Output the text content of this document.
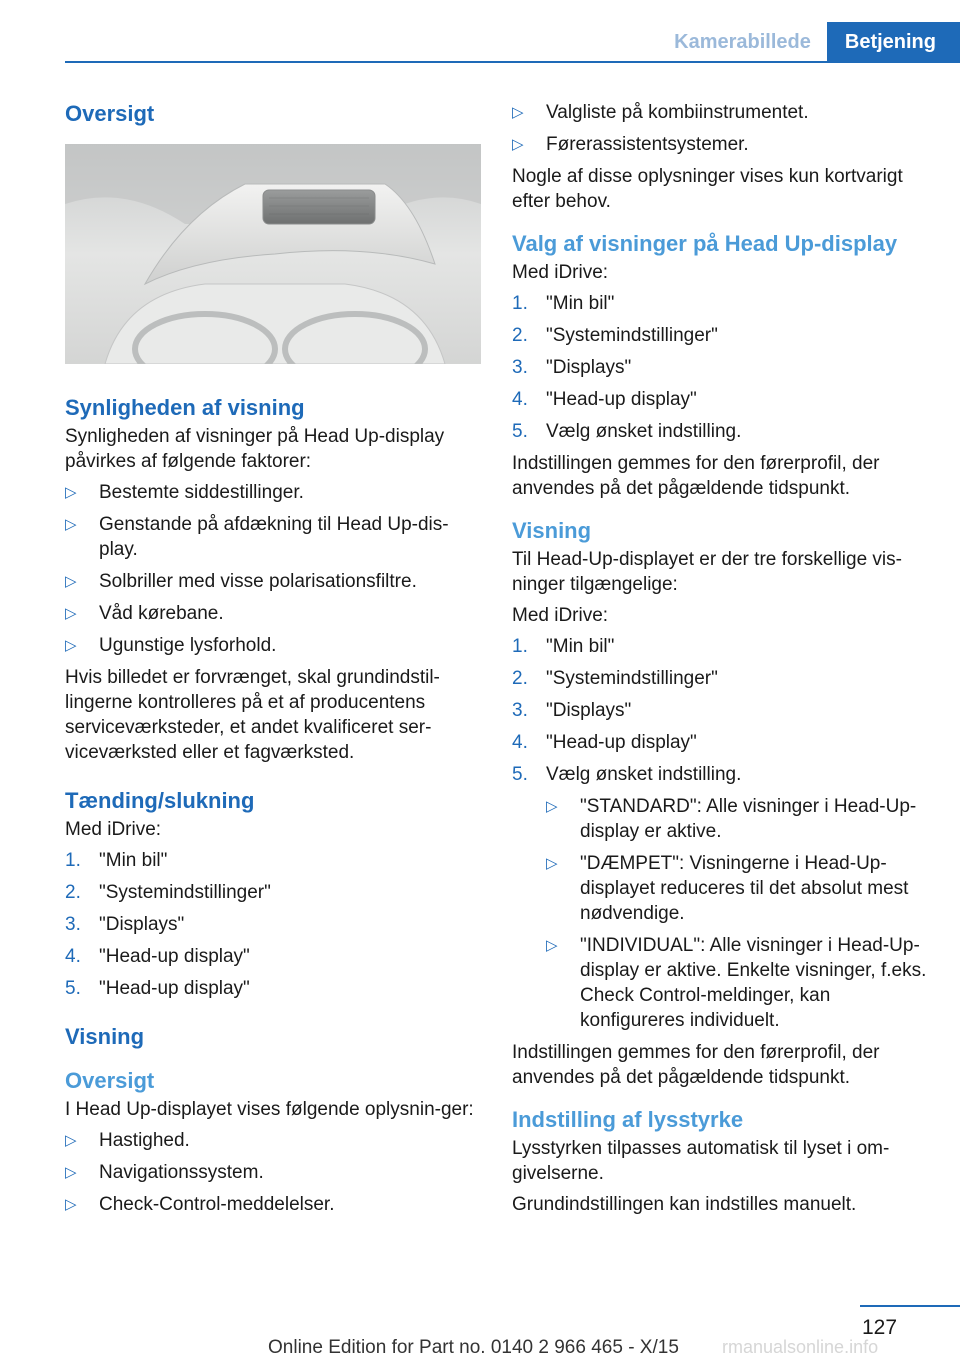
Kamerabillede	Betjening
Oversigt
Synligheden af visning

Synligheden af visninger på Head Up-display påvirkes af følgende faktorer:

▷ Bestemte siddestillinger.
▷ Genstande på afdækning til Head Up-dis‐play.
▷ Solbriller med visse polarisationsfiltre.
▷ Våd kørebane.
▷ Ugunstige lysforhold.

Hvis billedet er forvrænget, skal grundindstil‐lingerne kontrolleres på et af producentens serviceværksteder, et andet kvalificeret ser‐viceværksted eller et fagværksted.

Tænding/slukning

Med iDrive:

1. "Min bil"
2. "Systemindstillinger"
3. "Displays"
4. "Head-up display"
5. "Head-up display"
Visning
Oversigt

I Head Up-displayet vises følgende oplysnin‐ger:

▷ Hastighed.
▷ Navigationssystem.
▷ Check-Control-meddelelser.
▷ Valgliste på kombiinstrumentet.
▷ Førerassistentsystemer.

Nogle af disse oplysninger vises kun kortvarigt efter behov.

Valg af visninger på Head Up-display

Med iDrive:

1. "Min bil"
2. "Systemindstillinger"
3. "Displays"
4. "Head-up display"
5. Vælg ønsket indstilling.

Indstillingen gemmes for den førerprofil, der anvendes på det pågældende tidspunkt.

Visning

Til Head-Up-displayet er der tre forskellige vis‐ninger tilgængelige:

Med iDrive:

1. "Min bil"
2. "Systemindstillinger"
3. "Displays"
4. "Head-up display"
5. Vælg ønsket indstilling.
▷ "STANDARD": Alle visninger i Head-Up-display er aktive.
▷ "DÆMPET": Visningerne i Head-Up-displayet reduceres til det absolut mest nødvendige.
▷ "INDIVIDUAL": Alle visninger i Head-Up-display er aktive. Enkelte visninger, f.eks. Check Control-meldinger, kan konfigureres individuelt.

Indstillingen gemmes for den førerprofil, der anvendes på det pågældende tidspunkt.

Indstilling af lysstyrke

Lysstyrken tilpasses automatisk til lyset i om‐givelserne.

Grundindstillingen kan indstilles manuelt.

127
Online Edition for Part no. 0140 2 966 465 - X/15 rmanualsonline.info
